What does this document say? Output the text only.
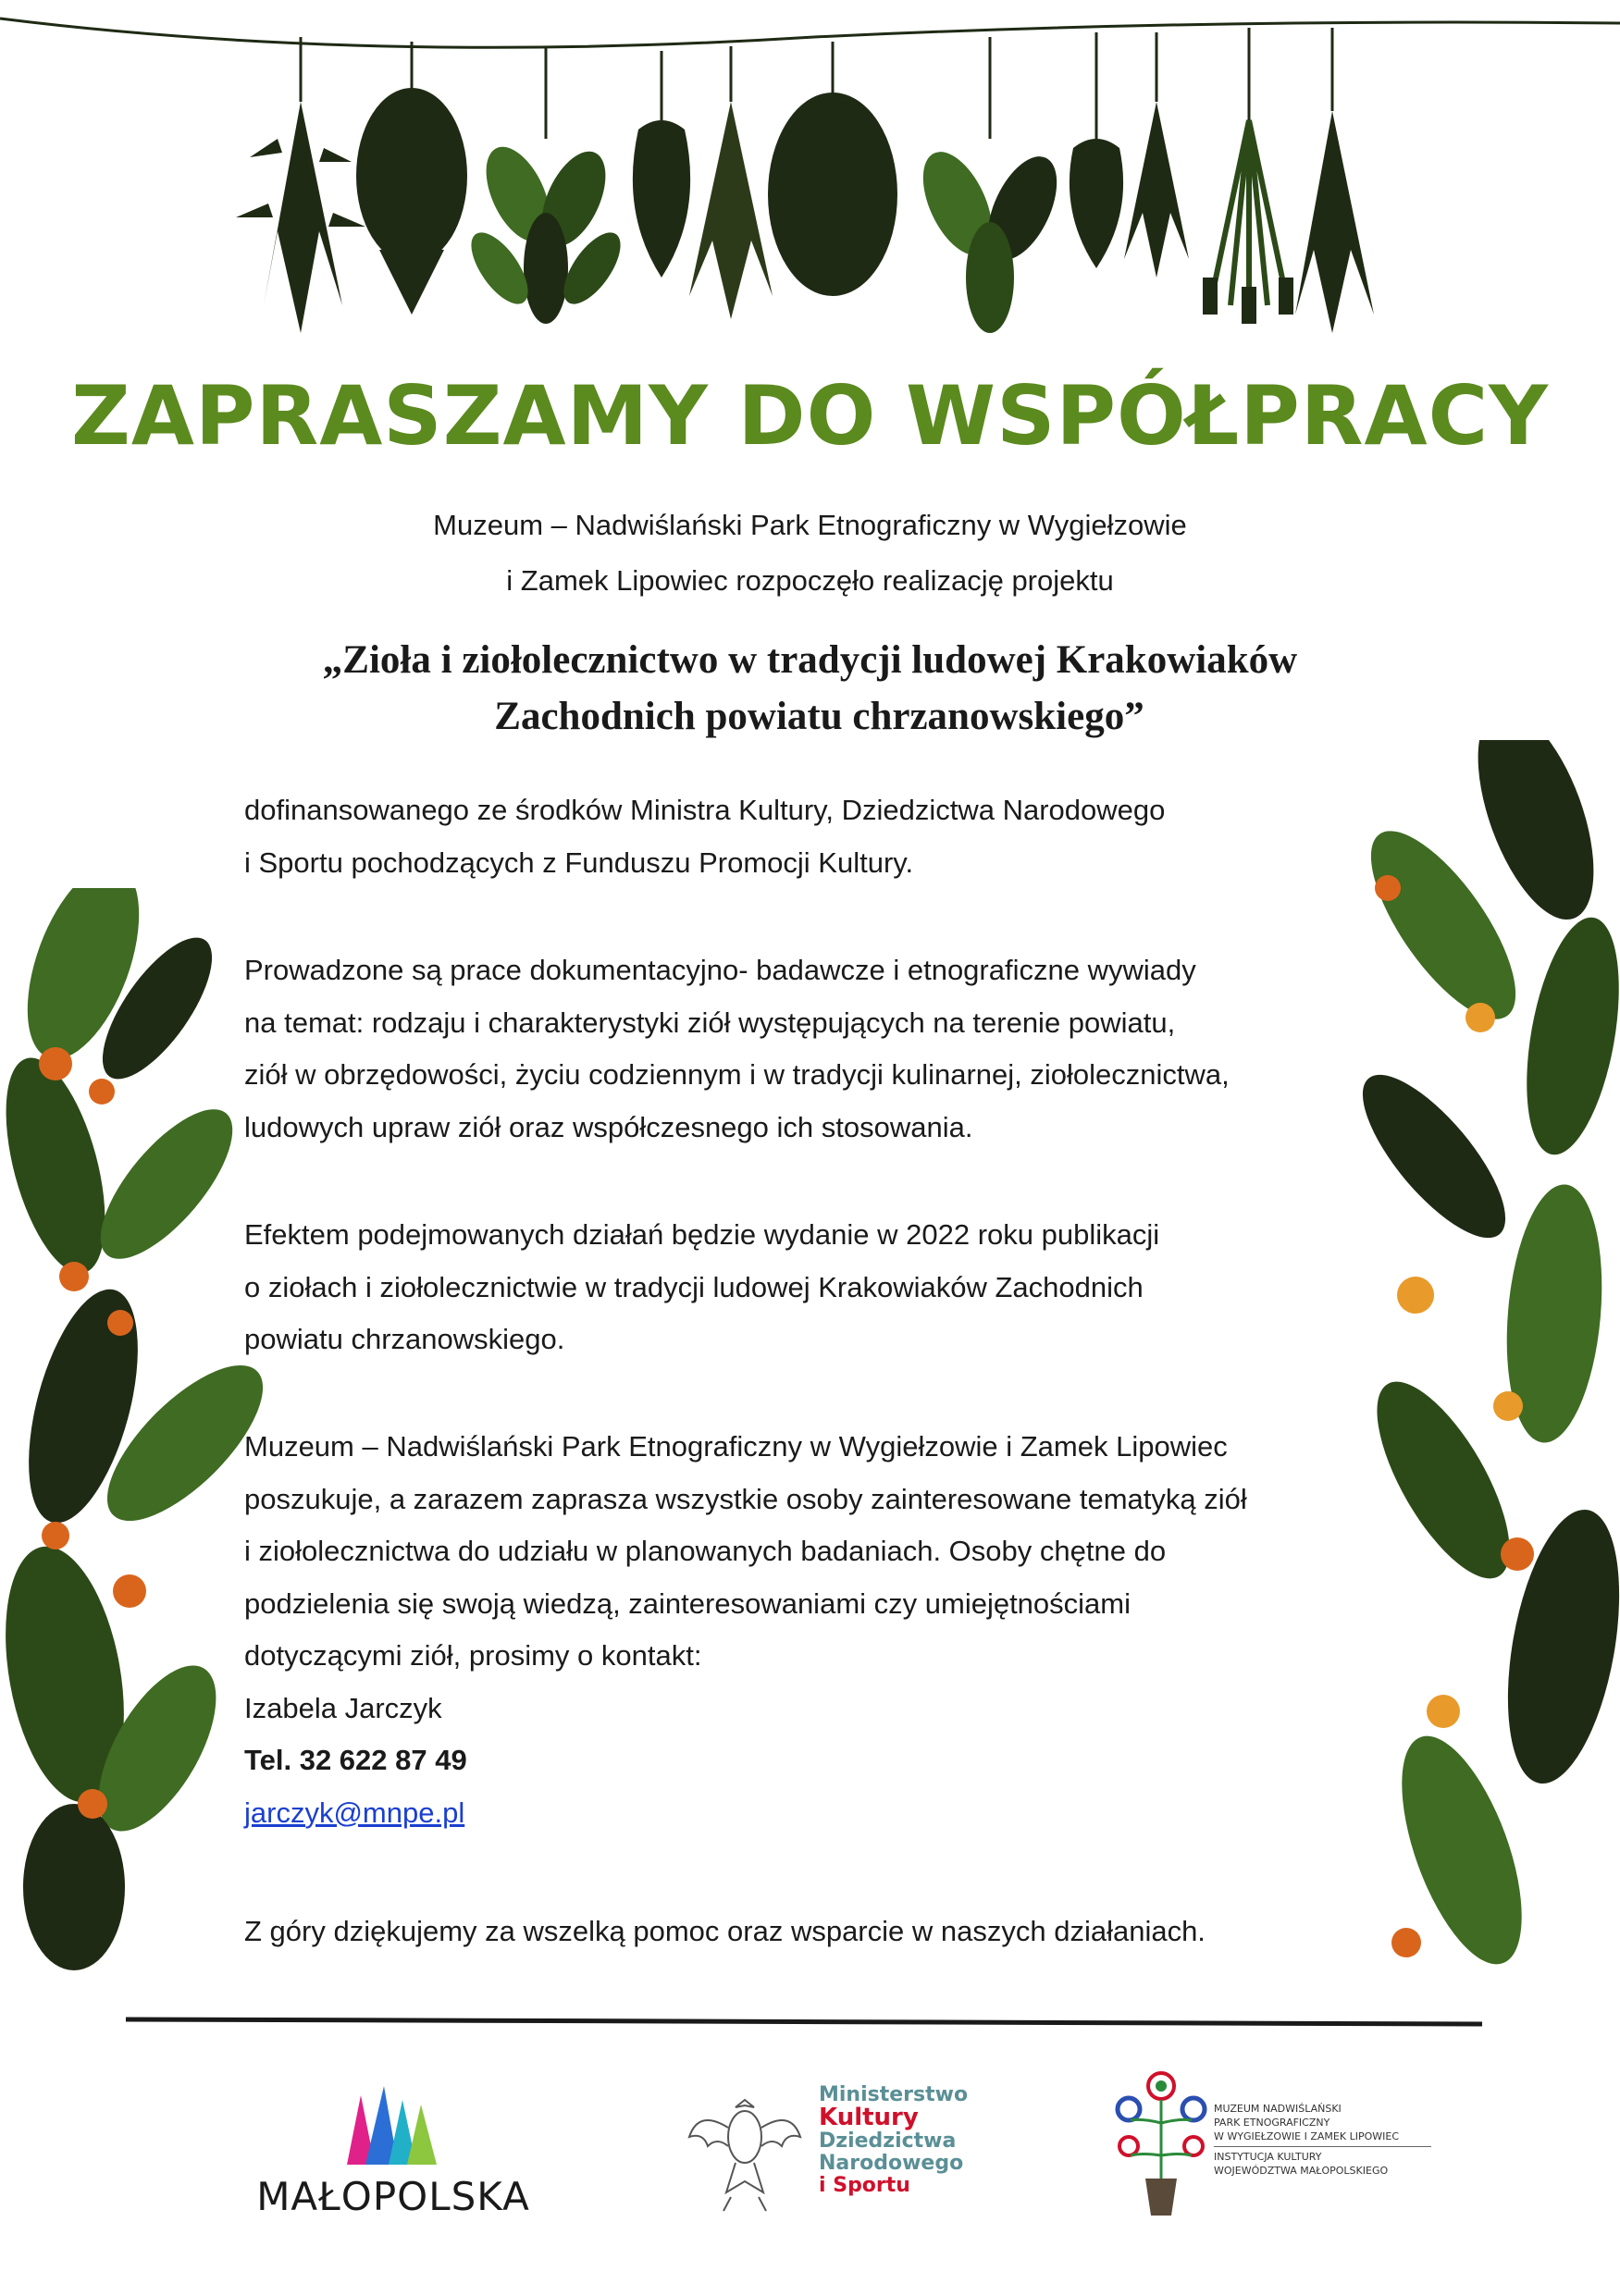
ZAPRASZAMY DO WSPÓŁPRACY
Muzeum – Nadwiślański Park Etnograficzny w Wygiełzowie
i Zamek Lipowiec rozpoczęło realizację projektu
„Zioła i ziołolecznictwo w tradycji ludowej Krakowiaków
Zachodnich powiatu chrzanowskiego”

dofinansowanego ze środków Ministra Kultury, Dziedzictwa Narodowego

i Sportu pochodzących z Funduszu Promocji Kultury.

Prowadzone są prace dokumentacyjno- badawcze i etnograficzne wywiady

na temat: rodzaju i charakterystyki ziół występujących na terenie powiatu,

ziół w obrzędowości, życiu codziennym i w tradycji kulinarnej, ziołolecznictwa,

ludowych upraw ziół oraz współczesnego ich stosowania.

Efektem podejmowanych działań będzie wydanie w 2022 roku publikacji

o ziołach i ziołolecznictwie w tradycji ludowej Krakowiaków Zachodnich

powiatu chrzanowskiego.

Muzeum – Nadwiślański Park Etnograficzny w Wygiełzowie i Zamek Lipowiec

poszukuje, a zarazem zaprasza wszystkie osoby zainteresowane tematyką ziół

i ziołolecznictwa do udziału w planowanych badaniach. Osoby chętne do

podzielenia się swoją wiedzą, zainteresowaniami czy umiejętnościami

dotyczącymi ziół, prosimy o kontakt:

Izabela Jarczyk

Tel. 32 622 87 49

jarczyk@mnpe.pl

Z góry dziękujemy za wszelką pomoc oraz wsparcie w naszych działaniach.
MAŁOPOLSKA
Ministerstwo
Kultury
Dziedzictwa
Narodowego
i Sportu
MUZEUM NADWIŚLAŃSKI
PARK ETNOGRAFICZNY
W WYGIEŁZOWIE I ZAMEK LIPOWIEC
INSTYTUCJA KULTURY
WOJEWÓDZTWA MAŁOPOLSKIEGO
